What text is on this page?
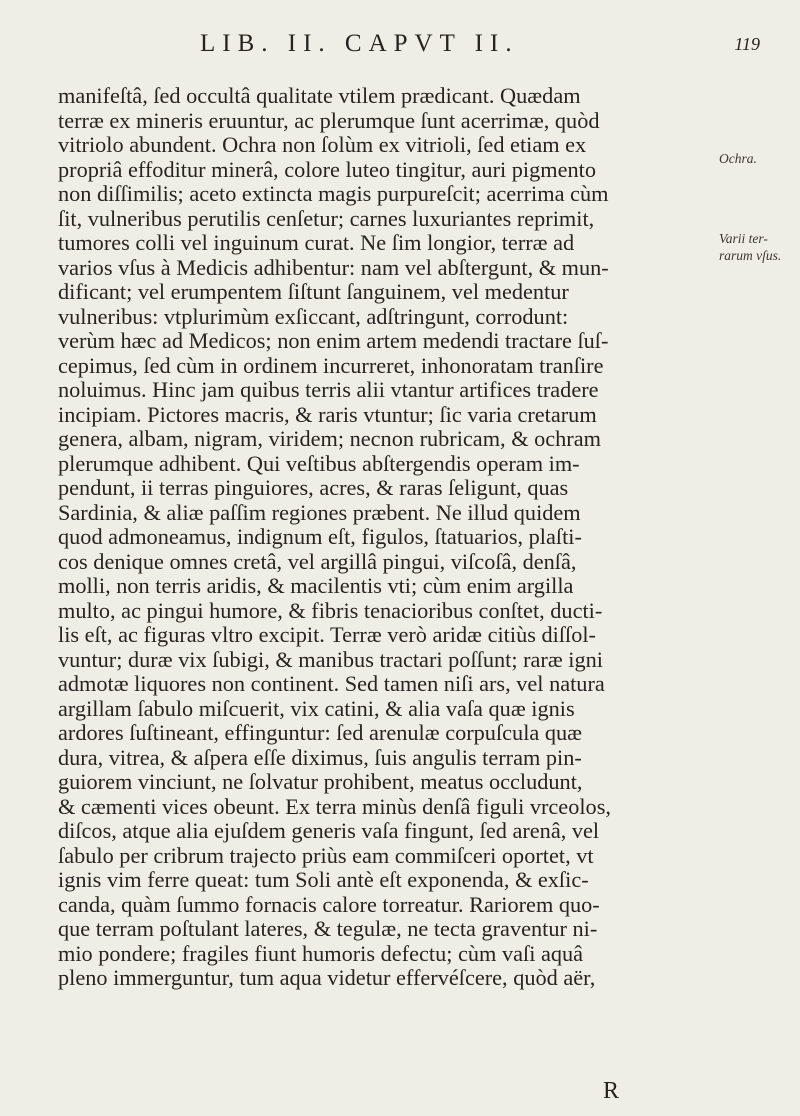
LIB. II. CAPVT II.	119
manifeſtâ, ſed occultâ qualitate vtilem prædicant. Quædam
terræ ex mineris eruuntur, ac plerumque ſunt acerrimæ, quòd
vitriolo abundent. Ochra non ſolùm ex vitrioli, ſed etiam ex
propriâ effoditur minerâ, colore luteo tingitur, auri pigmento
non diſſimilis; aceto extincta magis purpureſcit; acerrima cùm
ſit, vulneribus perutilis cenſetur; carnes luxuriantes reprimit,
tumores colli vel inguinum curat. Ne ſim longior, terræ ad
varios vſus à Medicis adhibentur: nam vel abſtergunt, & mun-
dificant; vel erumpentem ſiſtunt ſanguinem, vel medentur
vulneribus: vtplurimùm exſiccant, adſtringunt, corrodunt:
verùm hæc ad Medicos; non enim artem medendi tractare ſuſ-
cepimus, ſed cùm in ordinem incurreret, inhonoratam tranſire
noluimus. Hinc jam quibus terris alii vtantur artifices tradere
incipiam. Pictores macris, & raris vtuntur; ſic varia cretarum
genera, albam, nigram, viridem; necnon rubricam, & ochram
plerumque adhibent. Qui veſtibus abſtergendis operam im-
pendunt, ii terras pinguiores, acres, & raras ſeligunt, quas
Sardinia, & aliæ paſſim regiones præbent. Ne illud quidem
quod admoneamus, indignum eſt, figulos, ſtatuarios, plaſti-
cos denique omnes cretâ, vel argillâ pingui, viſcoſâ, denſâ,
molli, non terris aridis, & macilentis vti; cùm enim argilla
multo, ac pingui humore, & fibris tenacioribus conſtet, ducti-
lis eſt, ac figuras vltro excipit. Terræ verò aridæ citiùs diſſol-
vuntur; duræ vix ſubigi, & manibus tractari poſſunt; raræ igni
admotæ liquores non continent. Sed tamen niſi ars, vel natura
argillam ſabulo miſcuerit, vix catini, & alia vaſa quæ ignis
ardores ſuſtineant, effinguntur: ſed arenulæ corpuſcula quæ
dura, vitrea, & aſpera eſſe diximus, ſuis angulis terram pin-
guiorem vinciunt, ne ſolvatur prohibent, meatus occludunt,
& cæmenti vices obeunt. Ex terra minùs denſâ figuli vrceolos,
diſcos, atque alia ejuſdem generis vaſa fingunt, ſed arenâ, vel
ſabulo per cribrum trajecto priùs eam commiſceri oportet, vt
ignis vim ferre queat: tum Soli antè eſt exponenda, & exſic-
canda, quàm ſummo fornacis calore torreatur. Rariorem quo-
que terram poſtulant lateres, & tegulæ, ne tecta graventur ni-
mio pondere; fragiles fiunt humoris defectu; cùm vaſi aquâ
pleno immerguntur, tum aqua videtur effervéſcere, quòd aër,
Ochra.
Varii ter-
rarum vſus.
R
